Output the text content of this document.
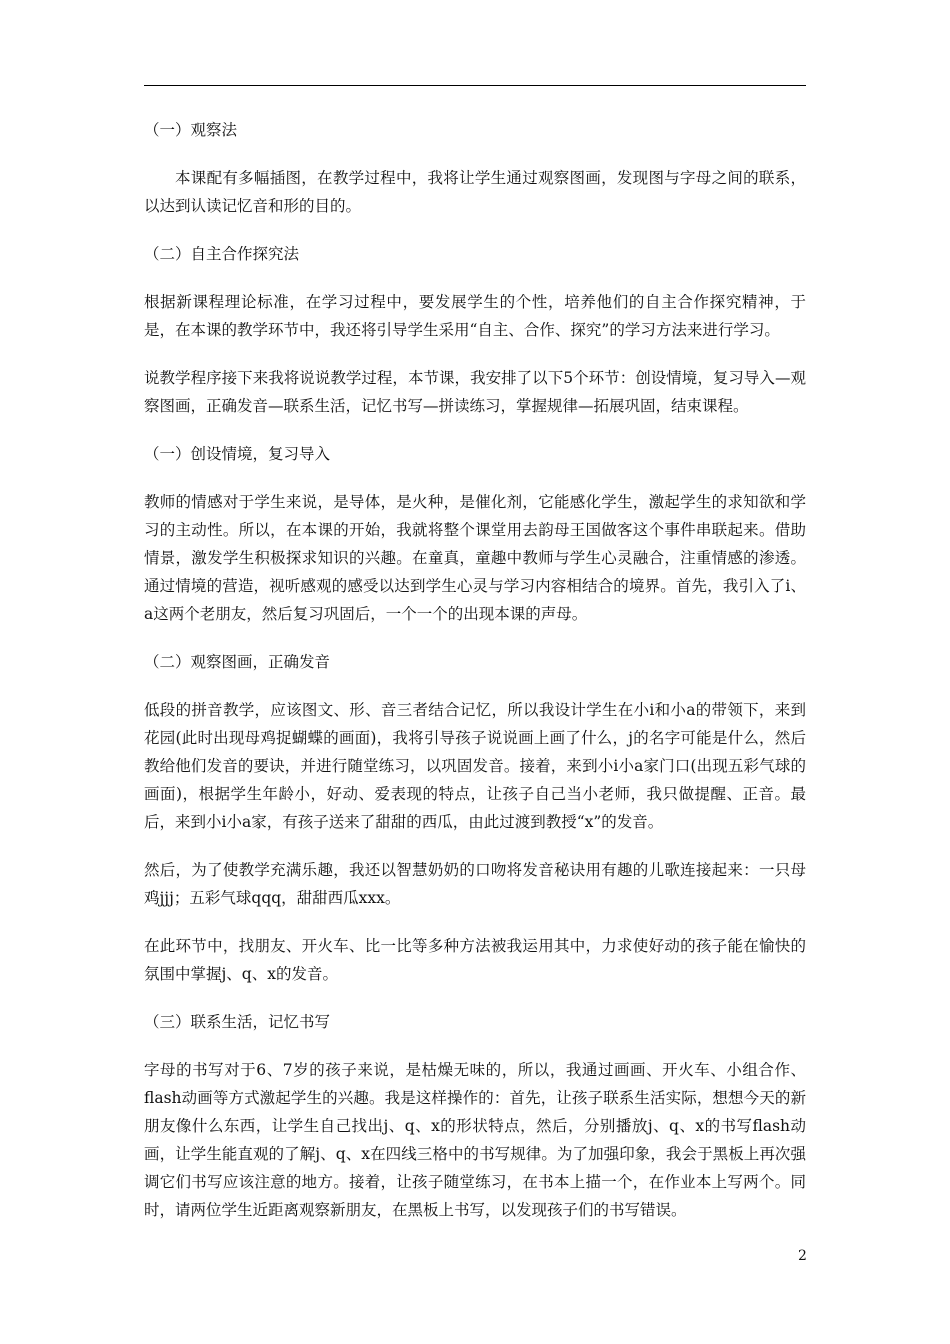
（一）观察法

本课配有多幅插图，在教学过程中，我将让学生通过观察图画，发现图与字母之间的联系，以达到认读记忆音和形的目的。

（二）自主合作探究法

根据新课程理论标准，在学习过程中，要发展学生的个性，培养他们的自主合作探究精神，于是，在本课的教学环节中，我还将引导学生采用“自主、合作、探究”的学习方法来进行学习。

说教学程序接下来我将说说教学过程，本节课，我安排了以下5个环节：创设情境，复习导入—观察图画，正确发音—联系生活，记忆书写—拼读练习，掌握规律—拓展巩固，结束课程。

（一）创设情境，复习导入

教师的情感对于学生来说，是导体，是火种，是催化剂，它能感化学生，激起学生的求知欲和学习的主动性。所以，在本课的开始，我就将整个课堂用去韵母王国做客这个事件串联起来。借助情景，激发学生积极探求知识的兴趣。在童真，童趣中教师与学生心灵融合，注重情感的渗透。通过情境的营造，视听感观的感受以达到学生心灵与学习内容相结合的境界。首先，我引入了i、a这两个老朋友，然后复习巩固后，一个一个的出现本课的声母。

（二）观察图画，正确发音

低段的拼音教学，应该图文、形、音三者结合记忆，所以我设计学生在小i和小a的带领下，来到花园(此时出现母鸡捉蝴蝶的画面)，我将引导孩子说说画上画了什么，j的名字可能是什么，然后教给他们发音的要诀，并进行随堂练习，以巩固发音。接着，来到小i小a家门口(出现五彩气球的画面)，根据学生年龄小，好动、爱表现的特点，让孩子自己当小老师，我只做提醒、正音。最后，来到小i小a家，有孩子送来了甜甜的西瓜，由此过渡到教授“x”的发音。

然后，为了使教学充满乐趣，我还以智慧奶奶的口吻将发音秘诀用有趣的儿歌连接起来：一只母鸡jjj；五彩气球qqq，甜甜西瓜xxx。

在此环节中，找朋友、开火车、比一比等多种方法被我运用其中，力求使好动的孩子能在愉快的氛围中掌握j、q、x的发音。

（三）联系生活，记忆书写

字母的书写对于6、7岁的孩子来说，是枯燥无味的，所以，我通过画画、开火车、小组合作、flash动画等方式激起学生的兴趣。我是这样操作的：首先，让孩子联系生活实际，想想今天的新朋友像什么东西，让学生自己找出j、q、x的形状特点，然后，分别播放j、q、x的书写flash动画，让学生能直观的了解j、q、x在四线三格中的书写规律。为了加强印象，我会于黑板上再次强调它们书写应该注意的地方。接着，让孩子随堂练习，在书本上描一个，在作业本上写两个。同时，请两位学生近距离观察新朋友，在黑板上书写，以发现孩子们的书写错误。

2
